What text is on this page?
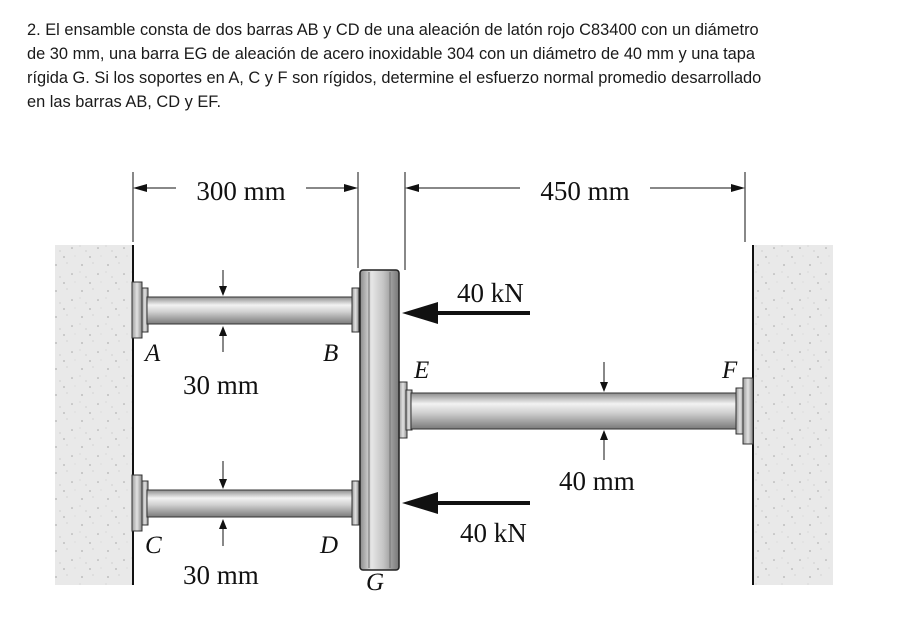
2. El ensamble consta de dos barras AB y CD de una aleación de latón rojo C83400 con un diámetro
de 30 mm, una barra EG de aleación de acero inoxidable 304 con un diámetro de 40 mm y una tapa
rígida G. Si los soportes en A, C y F son rígidos, determine el esfuerzo normal promedio desarrollado
en las barras AB, CD y EF.
300 mm	450 mm
40 kN
40 kN
30 mm
30 mm
40 mm
A	B
C	D
E	F
G
